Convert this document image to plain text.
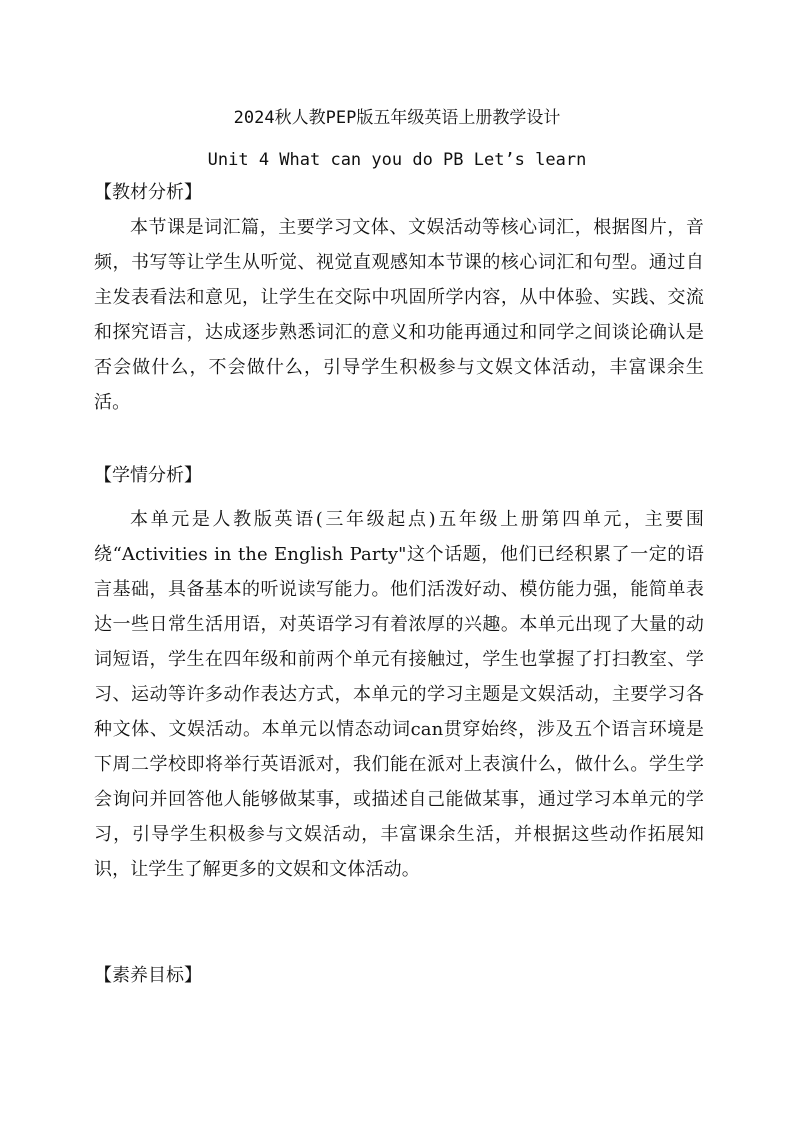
2024秋人教PEP版五年级英语上册教学设计
Unit 4 What can you do PB Let’s learn
【教材分析】

本节课是词汇篇，主要学习文体、文娱活动等核心词汇，根据图片，音频，书写等让学生从听觉、视觉直观感知本节课的核心词汇和句型。通过自主发表看法和意见，让学生在交际中巩固所学内容，从中体验、实践、交流和探究语言，达成逐步熟悉词汇的意义和功能再通过和同学之间谈论确认是否会做什么，不会做什么，引导学生积极参与文娱文体活动，丰富课余生活。

【学情分析】

本单元是人教版英语(三年级起点)五年级上册第四单元，主要围绕“Activities in the English Party"这个话题，他们已经积累了一定的语言基础，具备基本的听说读写能力。他们活泼好动、模仿能力强，能简单表达一些日常生活用语，对英语学习有着浓厚的兴趣。本单元出现了大量的动词短语，学生在四年级和前两个单元有接触过，学生也掌握了打扫教室、学习、运动等许多动作表达方式，本单元的学习主题是文娱活动，主要学习各种文体、文娱活动。本单元以情态动词can贯穿始终，涉及五个语言环境是下周二学校即将举行英语派对，我们能在派对上表演什么，做什么。学生学会询问并回答他人能够做某事，或描述自己能做某事，通过学习本单元的学习，引导学生积极参与文娱活动，丰富课余生活，并根据这些动作拓展知识，让学生了解更多的文娱和文体活动。

【素养目标】
